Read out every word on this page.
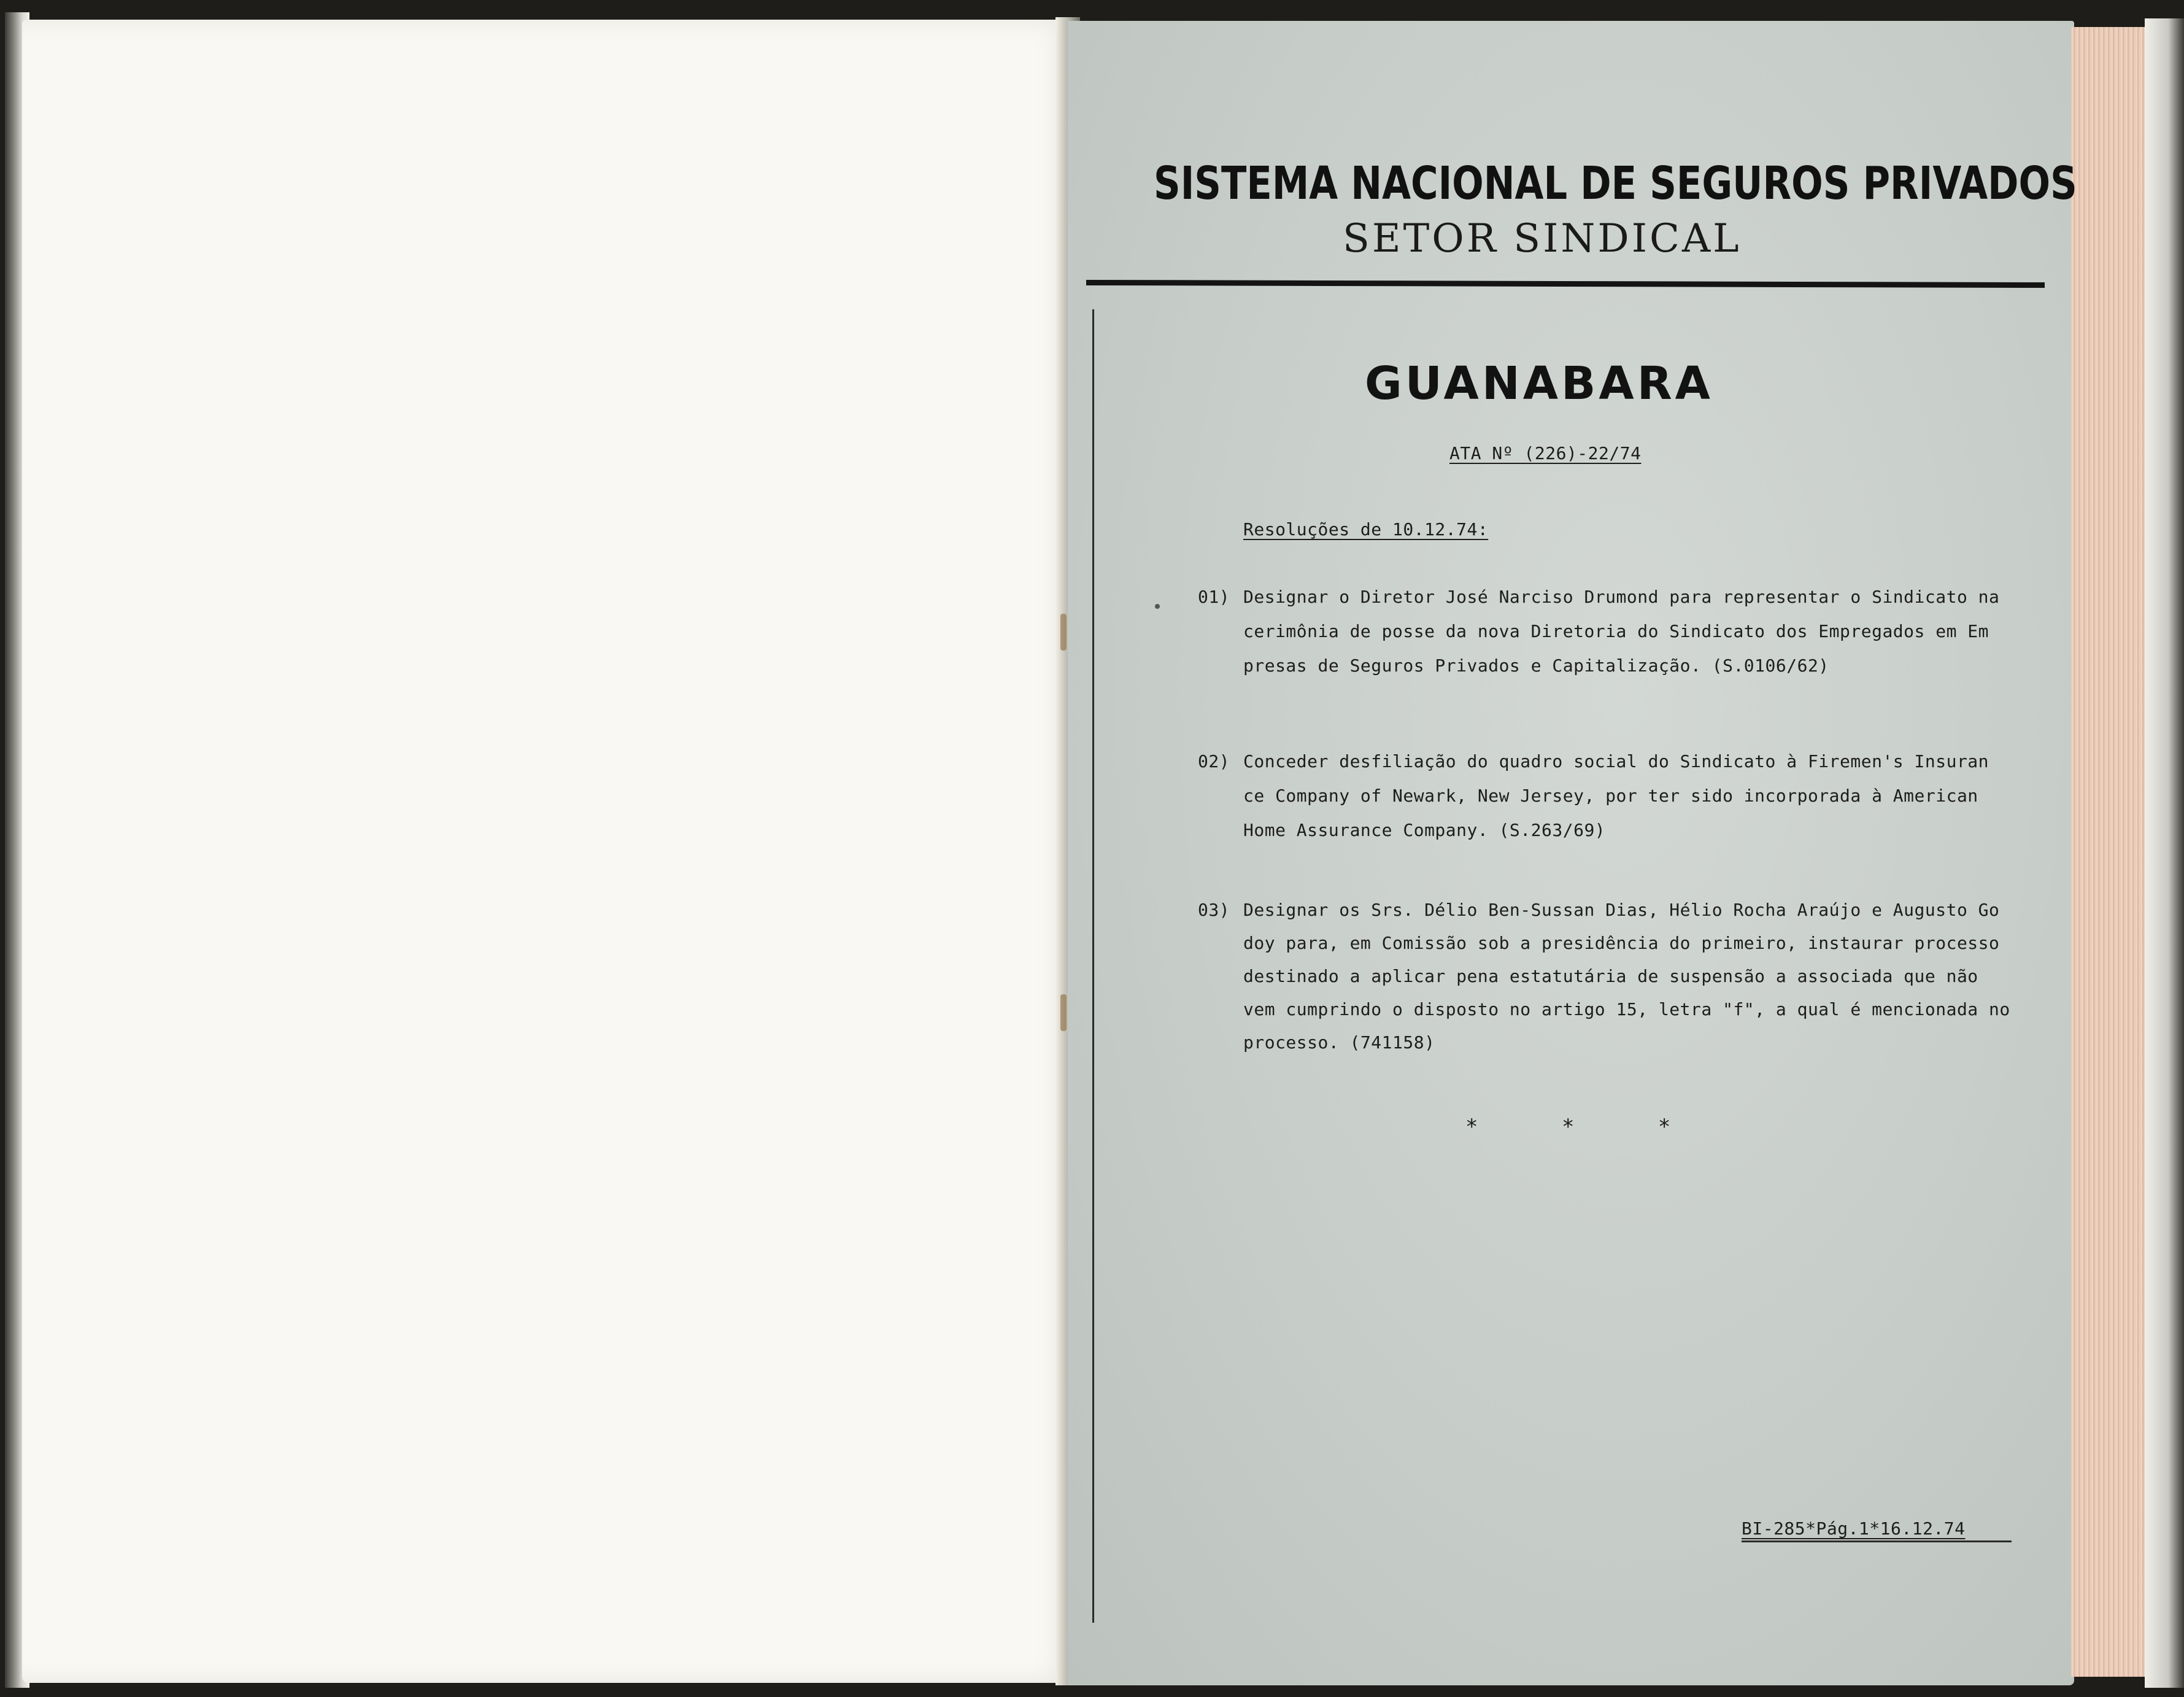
SISTEMA NACIONAL DE SEGUROS PRIVADOS
SETOR SINDICAL
GUANABARA
ATA Nº (226)-22/74
Resoluções de 10.12.74:
01) Designar o Diretor José Narciso Drumond para representar o Sindicato na
cerimônia de posse da nova Diretoria do Sindicato dos Empregados em Em
presas de Seguros Privados e Capitalização. (S.0106/62)
02) Conceder desfiliação do quadro social do Sindicato à Firemen's Insuran
ce Company of Newark, New Jersey, por ter sido incorporada à American
Home Assurance Company. (S.263/69)
03) Designar os Srs. Délio Ben-Sussan Dias, Hélio Rocha Araújo e Augusto Go
doy para, em Comissão sob a presidência do primeiro, instaurar processo
destinado a aplicar pena estatutária de suspensão a associada que não
vem cumprindo o disposto no artigo 15, letra "f", a qual é mencionada no
processo. (741158)
* * *
BI-285*Pág.1*16.12.74
